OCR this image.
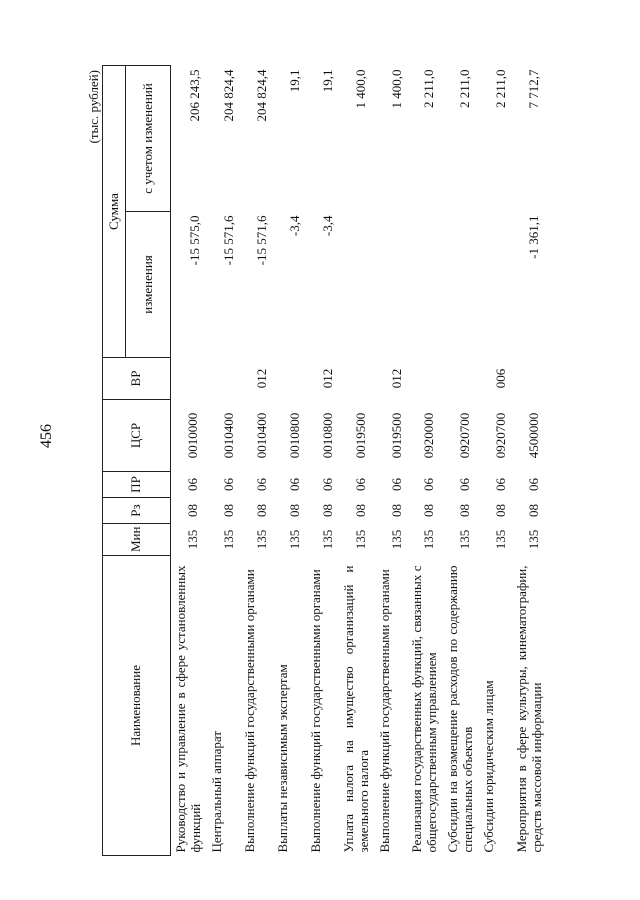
456
(тыс. рублей)
Наименование	Мин	Рз	ПР	ЦСР	ВР	Сумма	
						изменения	с учетом изменений
Руководство и управление в сфере установленных функций	135	08	06	0010000		-15 575,0	206 243,5
Центральный аппарат	135	08	06	0010400		-15 571,6	204 824,4
Выполнение функций государственными органами	135	08	06	0010400	012	-15 571,6	204 824,4
Выплаты независимым экспертам	135	08	06	0010800		-3,4	19,1
Выполнение функций государственными органами	135	08	06	0010800	012	-3,4	19,1
Уплата налога на имущество организаций и земельного налога	135	08	06	0019500			1 400,0
Выполнение функций государственными органами	135	08	06	0019500	012		1 400,0
Реализация государственных функций, связанных с общегосударственным управлением	135	08	06	0920000			2 211,0
Субсидии на возмещение расходов по содержанию специальных объектов	135	08	06	0920700			2 211,0
Субсидии юридическим лицам	135	08	06	0920700	006		2 211,0
Мероприятия в сфере культуры, кинематографии, средств массовой информации	135	08	06	4500000		-1 361,1	7 712,7
